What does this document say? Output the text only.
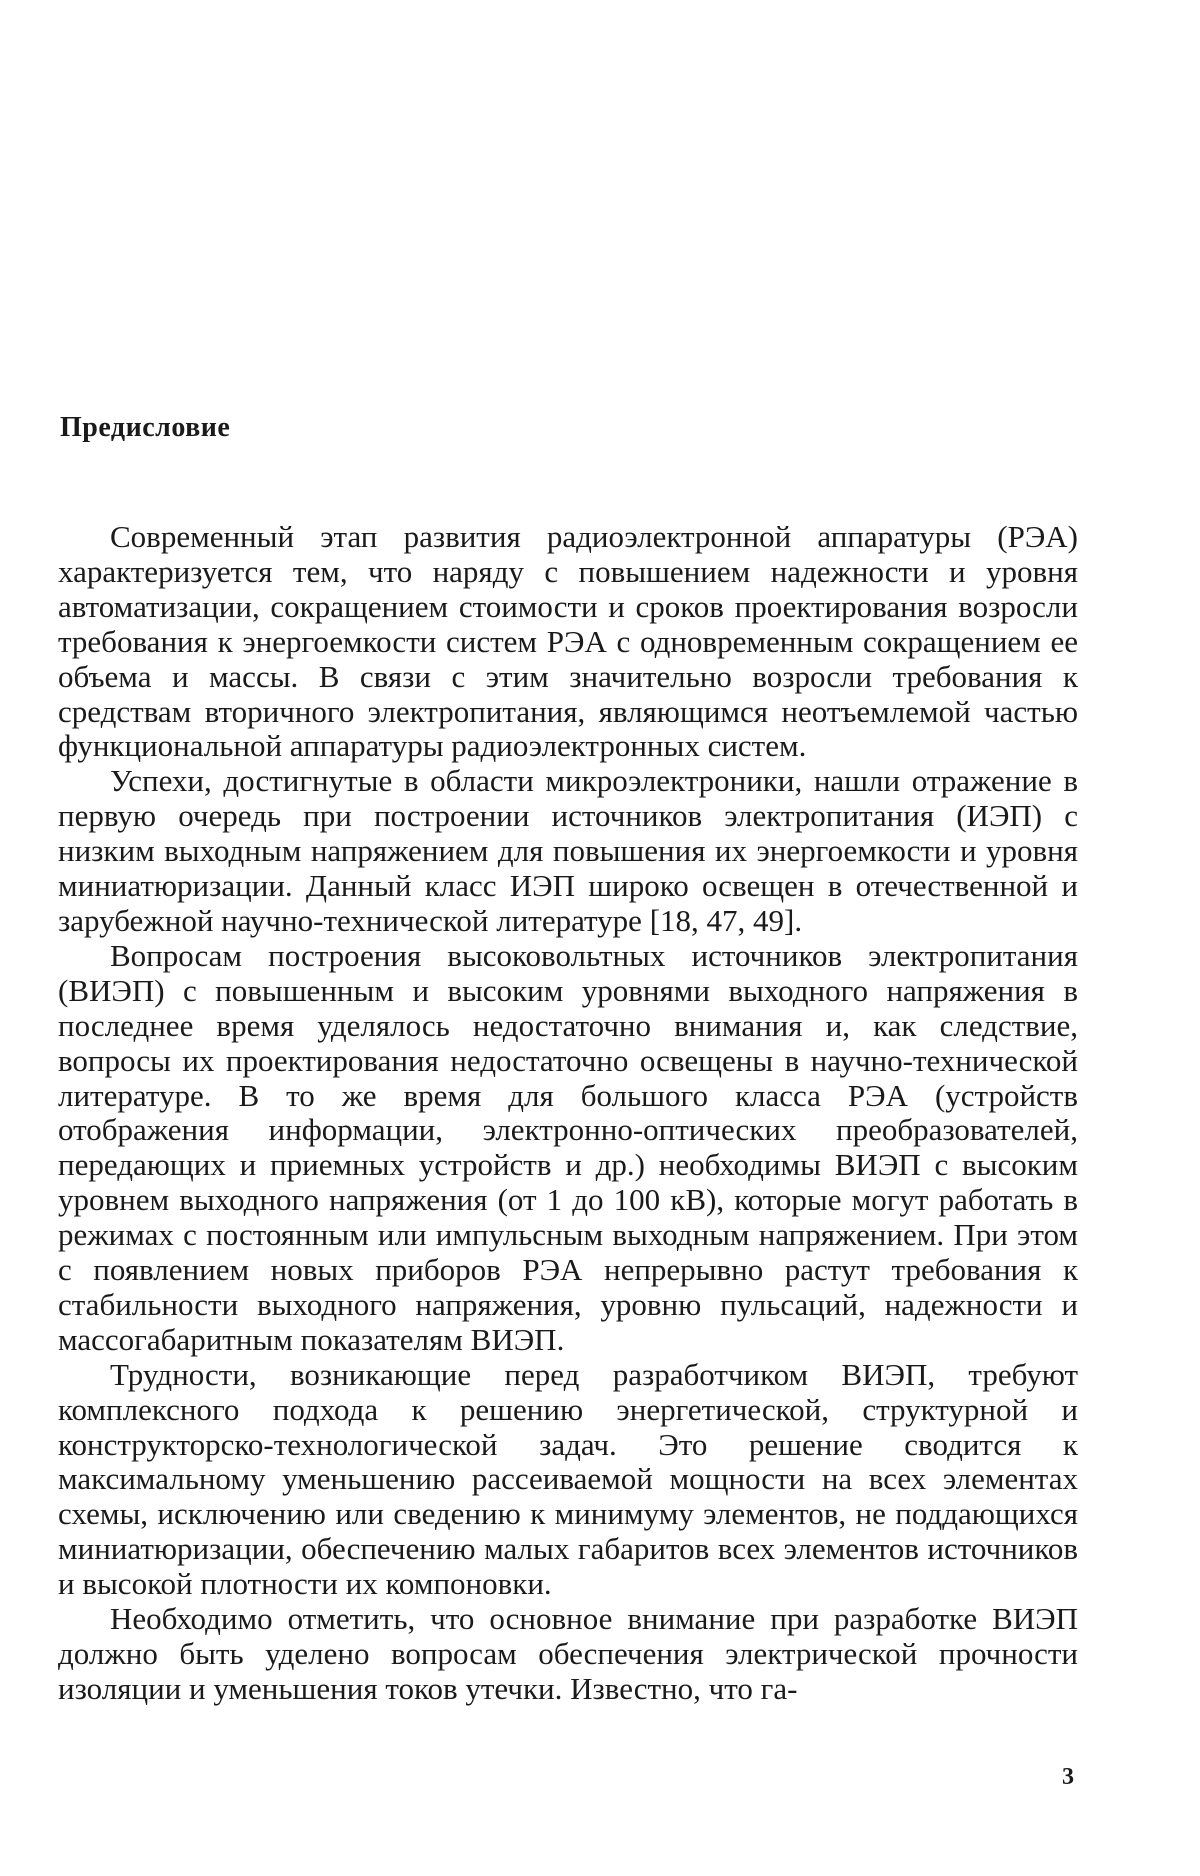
Предисловие

Современный этап развития радиоэлектронной аппаратуры (РЭА) характеризуется тем, что наряду с повышением надежности и уровня автоматизации, сокращением стоимости и сроков проектирования возросли требования к энергоемкости систем РЭА с одновременным сокращением ее объема и массы. В связи с этим значительно возросли требования к средствам вторичного электропитания, являющимся неотъемлемой частью функциональной аппаратуры радиоэлектронных систем.

Успехи, достигнутые в области микроэлектроники, нашли отражение в первую очередь при построении источников электропитания (ИЭП) с низким выходным напряжением для повышения их энергоемкости и уровня миниатюризации. Данный класс ИЭП широко освещен в отечественной и зарубежной научно-технической литературе [18, 47, 49].

Вопросам построения высоковольтных источников электропитания (ВИЭП) с повышенным и высоким уровнями выходного напряжения в последнее время уделялось недостаточно внимания и, как следствие, вопросы их проектирования недостаточно освещены в научно-технической литературе. В то же время для большого класса РЭА (устройств отображения информации, электронно-оптических преобразователей, передающих и приемных устройств и др.) необходимы ВИЭП с высоким уровнем выходного напряжения (от 1 до 100 кВ), которые могут работать в режимах с постоянным или импульсным выходным напряжением. При этом с появлением новых приборов РЭА непрерывно растут требования к стабильности выходного напряжения, уровню пульсаций, надежности и массогабаритным показателям ВИЭП.

Трудности, возникающие перед разработчиком ВИЭП, требуют комплексного подхода к решению энергетической, структурной и конструкторско-технологической задач. Это решение сводится к максимальному уменьшению рассеиваемой мощности на всех элементах схемы, исключению или сведению к минимуму элементов, не поддающихся миниатюризации, обеспечению малых габаритов всех элементов источников и высокой плотности их компоновки.

Необходимо отметить, что основное внимание при разработке ВИЭП должно быть уделено вопросам обеспечения электрической прочности изоляции и уменьшения токов утечки. Известно, что га-

3
